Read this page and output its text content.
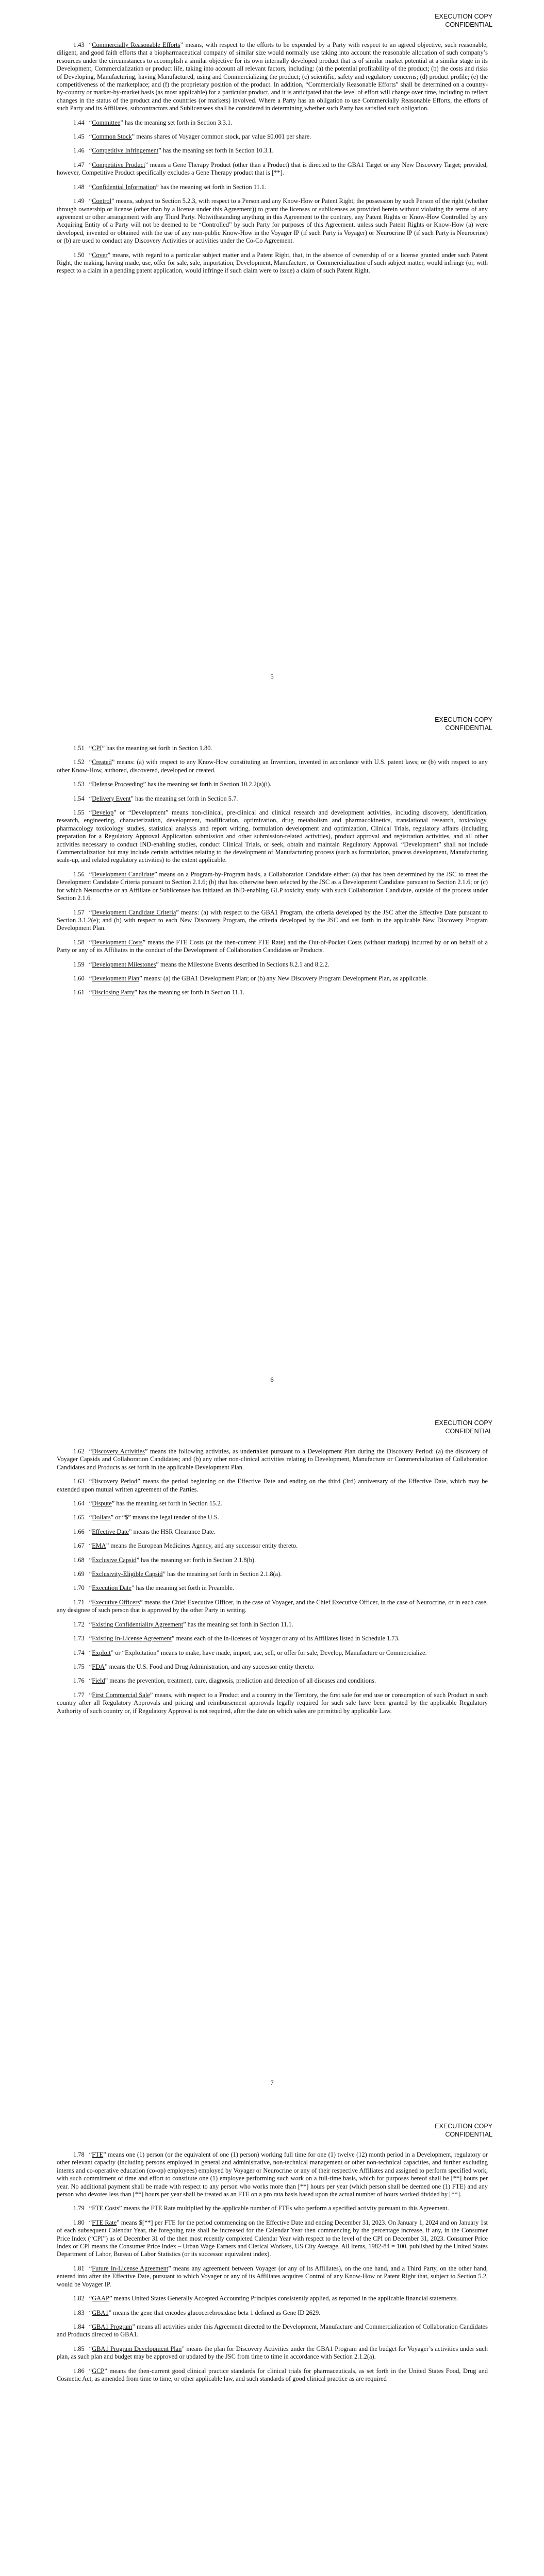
EXECUTION COPY
CONFIDENTIAL

1.43 “Commercially Reasonable Efforts” means, with respect to the efforts to be expended by a Party with respect to an agreed objective, such reasonable, diligent, and good faith efforts that a biopharmaceutical company of similar size would normally use taking into account the reasonable allocation of such company’s resources under the circumstances to accomplish a similar objective for its own internally developed product that is of similar market potential at a similar stage in its Development, Commercialization or product life, taking into account all relevant factors, including: (a) the potential profitability of the product; (b) the costs and risks of Developing, Manufacturing, having Manufactured, using and Commercializing the product; (c) scientific, safety and regulatory concerns; (d) product profile; (e) the competitiveness of the marketplace; and (f) the proprietary position of the product. In addition, “Commercially Reasonable Efforts” shall be determined on a country-by-country or market-by-market basis (as most applicable) for a particular product, and it is anticipated that the level of effort will change over time, including to reflect changes in the status of the product and the countries (or markets) involved. Where a Party has an obligation to use Commercially Reasonable Efforts, the efforts of such Party and its Affiliates, subcontractors and Sublicensees shall be considered in determining whether such Party has satisfied such obligation.

1.44 “Committee” has the meaning set forth in Section 3.3.1.

1.45 “Common Stock” means shares of Voyager common stock, par value $0.001 per share.

1.46 “Competitive Infringement” has the meaning set forth in Section 10.3.1.

1.47 “Competitive Product” means a Gene Therapy Product (other than a Product) that is directed to the GBA1 Target or any New Discovery Target; provided, however, Competitive Product specifically excludes a Gene Therapy product that is [**].

1.48 “Confidential Information” has the meaning set forth in Section 11.1.

1.49 “Control” means, subject to Section 5.2.3, with respect to a Person and any Know-How or Patent Right, the possession by such Person of the right (whether through ownership or license (other than by a license under this Agreement)) to grant the licenses or sublicenses as provided herein without violating the terms of any agreement or other arrangement with any Third Party. Notwithstanding anything in this Agreement to the contrary, any Patent Rights or Know-How Controlled by any Acquiring Entity of a Party will not be deemed to be “Controlled” by such Party for purposes of this Agreement, unless such Patent Rights or Know-How (a) were developed, invented or obtained with the use of any non-public Know-How in the Voyager IP (if such Party is Voyager) or Neurocrine IP (if such Party is Neurocrine) or (b) are used to conduct any Discovery Activities or activities under the Co-Co Agreement.

1.50 “Cover” means, with regard to a particular subject matter and a Patent Right, that, in the absence of ownership of or a license granted under such Patent Right, the making, having made, use, offer for sale, sale, importation, Development, Manufacture, or Commercialization of such subject matter, would infringe (or, with respect to a claim in a pending patent application, would infringe if such claim were to issue) a claim of such Patent Right.

5
EXECUTION COPY
CONFIDENTIAL

1.51 “CPI” has the meaning set forth in Section 1.80.

1.52 “Created” means: (a) with respect to any Know-How constituting an Invention, invented in accordance with U.S. patent laws; or (b) with respect to any other Know-How, authored, discovered, developed or created.

1.53 “Defense Proceeding” has the meaning set forth in Section 10.2.2(a)(i).

1.54 “Delivery Event” has the meaning set forth in Section 5.7.

1.55 “Develop” or “Development” means non-clinical, pre-clinical and clinical research and development activities, including discovery, identification, research, engineering, characterization, development, modification, optimization, drug metabolism and pharmacokinetics, translational research, toxicology, pharmacology toxicology studies, statistical analysis and report writing, formulation development and optimization, Clinical Trials, regulatory affairs (including preparation for a Regulatory Approval Application submission and other submission-related activities), product approval and registration activities, and all other activities necessary to conduct IND-enabling studies, conduct Clinical Trials, or seek, obtain and maintain Regulatory Approval. “Development” shall not include Commercialization but may include certain activities relating to the development of Manufacturing process (such as formulation, process development, Manufacturing scale-up, and related regulatory activities) to the extent applicable.

1.56 “Development Candidate” means on a Program-by-Program basis, a Collaboration Candidate either: (a) that has been determined by the JSC to meet the Development Candidate Criteria pursuant to Section 2.1.6; (b) that has otherwise been selected by the JSC as a Development Candidate pursuant to Section 2.1.6; or (c) for which Neurocrine or an Affiliate or Sublicensee has initiated an IND-enabling GLP toxicity study with such Collaboration Candidate, outside of the process under Section 2.1.6.

1.57 “Development Candidate Criteria” means: (a) with respect to the GBA1 Program, the criteria developed by the JSC after the Effective Date pursuant to Section 3.1.2(e); and (b) with respect to each New Discovery Program, the criteria developed by the JSC and set forth in the applicable New Discovery Program Development Plan.

1.58 “Development Costs” means the FTE Costs (at the then-current FTE Rate) and the Out-of-Pocket Costs (without markup) incurred by or on behalf of a Party or any of its Affiliates in the conduct of the Development of Collaboration Candidates or Products.

1.59 “Development Milestones” means the Milestone Events described in Sections 8.2.1 and 8.2.2.

1.60 “Development Plan” means: (a) the GBA1 Development Plan; or (b) any New Discovery Program Development Plan, as applicable.

1.61 “Disclosing Party” has the meaning set forth in Section 11.1.

6
EXECUTION COPY
CONFIDENTIAL

1.62 “Discovery Activities” means the following activities, as undertaken pursuant to a Development Plan during the Discovery Period: (a) the discovery of Voyager Capsids and Collaboration Candidates; and (b) any other non-clinical activities relating to Development, Manufacture or Commercialization of Collaboration Candidates and Products as set forth in the applicable Development Plan.

1.63 “Discovery Period” means the period beginning on the Effective Date and ending on the third (3rd) anniversary of the Effective Date, which may be extended upon mutual written agreement of the Parties.

1.64 “Dispute” has the meaning set forth in Section 15.2.

1.65 “Dollars” or “$” means the legal tender of the U.S.

1.66 “Effective Date” means the HSR Clearance Date.

1.67 “EMA” means the European Medicines Agency, and any successor entity thereto.

1.68 “Exclusive Capsid” has the meaning set forth in Section 2.1.8(b).

1.69 “Exclusivity-Eligible Capsid” has the meaning set forth in Section 2.1.8(a).

1.70 “Execution Date” has the meaning set forth in Preamble.

1.71 “Executive Officers” means the Chief Executive Officer, in the case of Voyager, and the Chief Executive Officer, in the case of Neurocrine, or in each case, any designee of such person that is approved by the other Party in writing.

1.72 “Existing Confidentiality Agreement” has the meaning set forth in Section 11.1.

1.73 “Existing In-License Agreement” means each of the in-licenses of Voyager or any of its Affiliates listed in Schedule 1.73.

1.74 “Exploit” or “Exploitation” means to make, have made, import, use, sell, or offer for sale, Develop, Manufacture or Commercialize.

1.75 “FDA” means the U.S. Food and Drug Administration, and any successor entity thereto.

1.76 “Field” means the prevention, treatment, cure, diagnosis, prediction and detection of all diseases and conditions.

1.77 “First Commercial Sale” means, with respect to a Product and a country in the Territory, the first sale for end use or consumption of such Product in such country after all Regulatory Approvals and pricing and reimbursement approvals legally required for such sale have been granted by the applicable Regulatory Authority of such country or, if Regulatory Approval is not required, after the date on which sales are permitted by applicable Law.

7
EXECUTION COPY
CONFIDENTIAL

1.78 “FTE” means one (1) person (or the equivalent of one (1) person) working full time for one (1) twelve (12) month period in a Development, regulatory or other relevant capacity (including persons employed in general and administrative, non-technical management or other non-technical capacities, and further excluding interns and co-operative education (co-op) employees) employed by Voyager or Neurocrine or any of their respective Affiliates and assigned to perform specified work, with such commitment of time and effort to constitute one (1) employee performing such work on a full-time basis, which for purposes hereof shall be [**] hours per year. No additional payment shall be made with respect to any person who works more than [**] hours per year (which person shall be deemed one (1) FTE) and any person who devotes less than [**] hours per year shall be treated as an FTE on a pro rata basis based upon the actual number of hours worked divided by [**].

1.79 “FTE Costs” means the FTE Rate multiplied by the applicable number of FTEs who perform a specified activity pursuant to this Agreement.

1.80 “FTE Rate” means $[**] per FTE for the period commencing on the Effective Date and ending December 31, 2023. On January 1, 2024 and on January 1st of each subsequent Calendar Year, the foregoing rate shall be increased for the Calendar Year then commencing by the percentage increase, if any, in the Consumer Price Index (“CPI”) as of December 31 of the then most recently completed Calendar Year with respect to the level of the CPI on December 31, 2023. Consumer Price Index or CPI means the Consumer Price Index – Urban Wage Earners and Clerical Workers, US City Average, All Items, 1982-84 = 100, published by the United States Department of Labor, Bureau of Labor Statistics (or its successor equivalent index).

1.81 “Future In-License Agreement” means any agreement between Voyager (or any of its Affiliates), on the one hand, and a Third Party, on the other hand, entered into after the Effective Date, pursuant to which Voyager or any of its Affiliates acquires Control of any Know-How or Patent Right that, subject to Section 5.2, would be Voyager IP.

1.82 “GAAP” means United States Generally Accepted Accounting Principles consistently applied, as reported in the applicable financial statements.

1.83 “GBA1” means the gene that encodes glucocerebrosidase beta 1 defined as Gene ID 2629.

1.84 “GBA1 Program” means all activities under this Agreement directed to the Development, Manufacture and Commercialization of Collaboration Candidates and Products directed to GBA1.

1.85 “GBA1 Program Development Plan” means the plan for Discovery Activities under the GBA1 Program and the budget for Voyager’s activities under such plan, as such plan and budget may be approved or updated by the JSC from time to time in accordance with Section 2.1.2(a).

1.86 “GCP” means the then-current good clinical practice standards for clinical trials for pharmaceuticals, as set forth in the United States Food, Drug and Cosmetic Act, as amended from time to time, or other applicable law, and such standards of good clinical practice as are required
